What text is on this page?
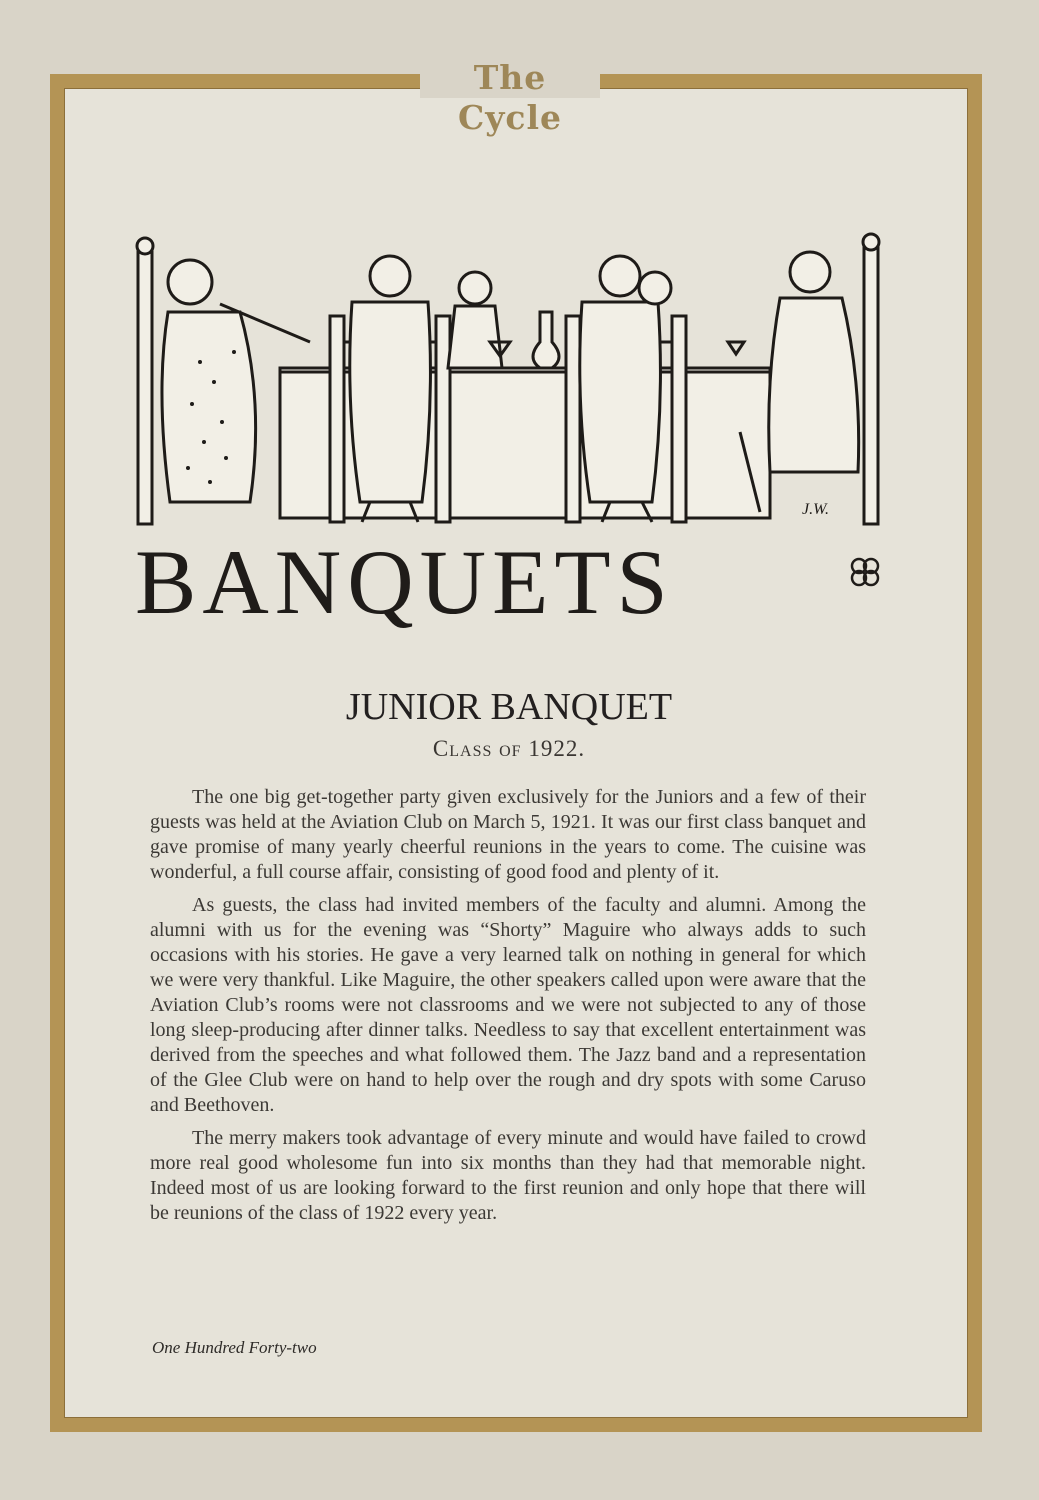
The Cycle
J.W.
BANQUETS
JUNIOR BANQUET
Class of 1922.

The one big get-together party given exclusively for the Juniors and a few of their guests was held at the Aviation Club on March 5, 1921. It was our first class banquet and gave promise of many yearly cheerful reunions in the years to come. The cuisine was wonderful, a full course affair, consisting of good food and plenty of it.

As guests, the class had invited members of the faculty and alumni. Among the alumni with us for the evening was “Shorty” Maguire who always adds to such occasions with his stories. He gave a very learned talk on nothing in general for which we were very thankful. Like Maguire, the other speakers called upon were aware that the Aviation Club’s rooms were not classrooms and we were not subjected to any of those long sleep-producing after dinner talks. Needless to say that excellent entertainment was derived from the speeches and what followed them. The Jazz band and a representation of the Glee Club were on hand to help over the rough and dry spots with some Caruso and Beethoven.

The merry makers took advantage of every minute and would have failed to crowd more real good wholesome fun into six months than they had that memorable night. Indeed most of us are looking forward to the first reunion and only hope that there will be reunions of the class of 1922 every year.

One Hundred Forty-two
